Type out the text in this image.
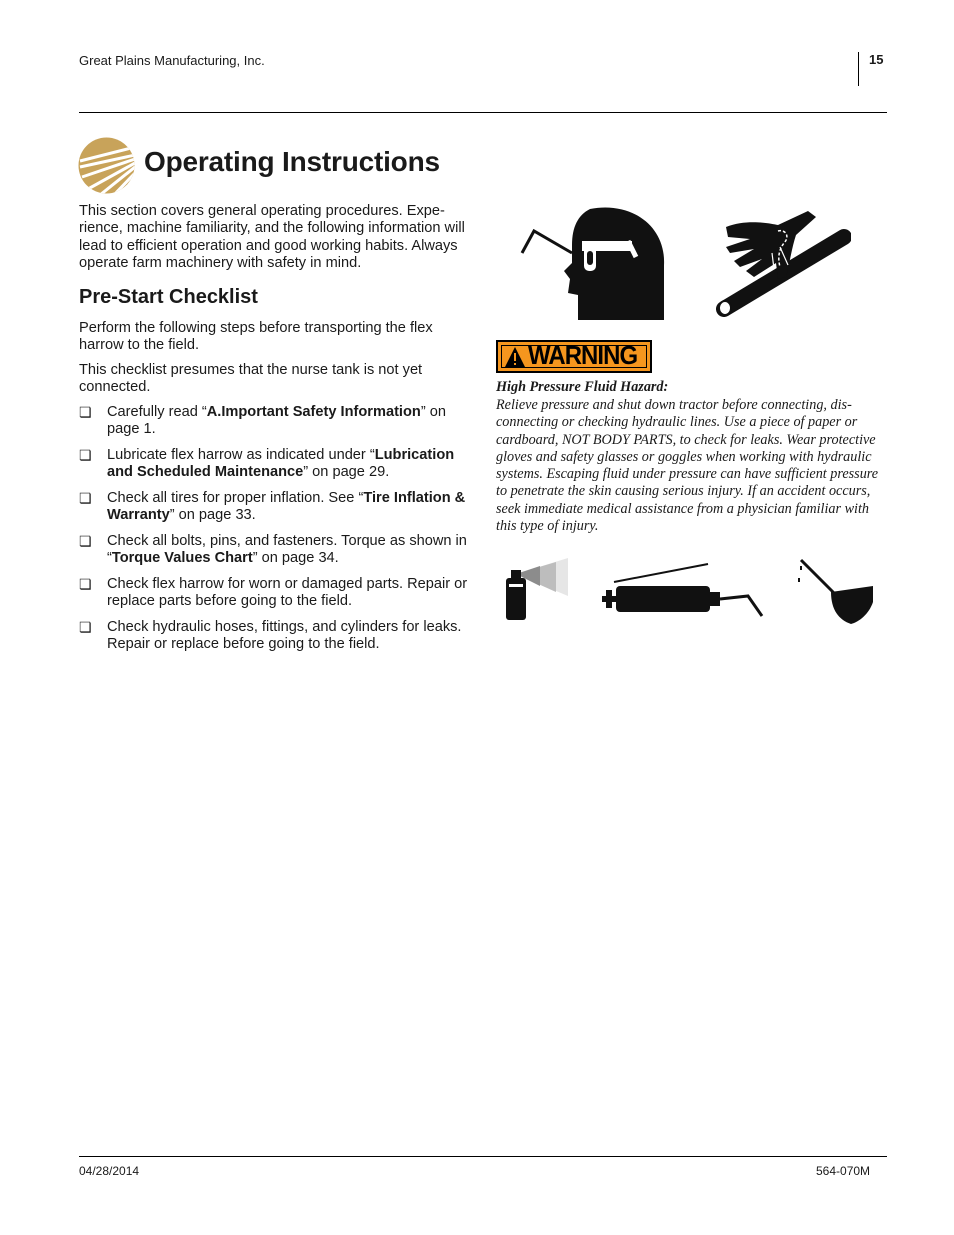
Great Plains Manufacturing, Inc.	15
Operating Instructions
This section covers general operating procedures. Experience, machine familiarity, and the following information will lead to efficient operation and good working habits. Always operate farm machinery with safety in mind.
Pre-Start Checklist
Perform the following steps before transporting the flex harrow to the field.
This checklist presumes that the nurse tank is not yet connected.
❏ Carefully read “A.Important Safety Information” on page 1.
❏ Lubricate flex harrow as indicated under “Lubrication and Scheduled Maintenance” on page 29.
❏ Check all tires for proper inflation. See “Tire Inflation & Warranty” on page 33.
❏ Check all bolts, pins, and fasteners. Torque as shown in “Torque Values Chart” on page 34.
❏ Check flex harrow for worn or damaged parts. Repair or replace parts before going to the field.
❏ Check hydraulic hoses, fittings, and cylinders for leaks. Repair or replace before going to the field.
WARNING
High Pressure Fluid Hazard:
Relieve pressure and shut down tractor before connecting, disconnecting or checking hydraulic lines. Use a piece of paper or cardboard, NOT BODY PARTS, to check for leaks. Wear protective gloves and safety glasses or goggles when working with hydraulic systems. Escaping fluid under pressure can have sufficient pressure to penetrate the skin causing serious injury. If an accident occurs, seek immediate medical assistance from a physician familiar with this type of injury.
04/28/2014	564-070M
